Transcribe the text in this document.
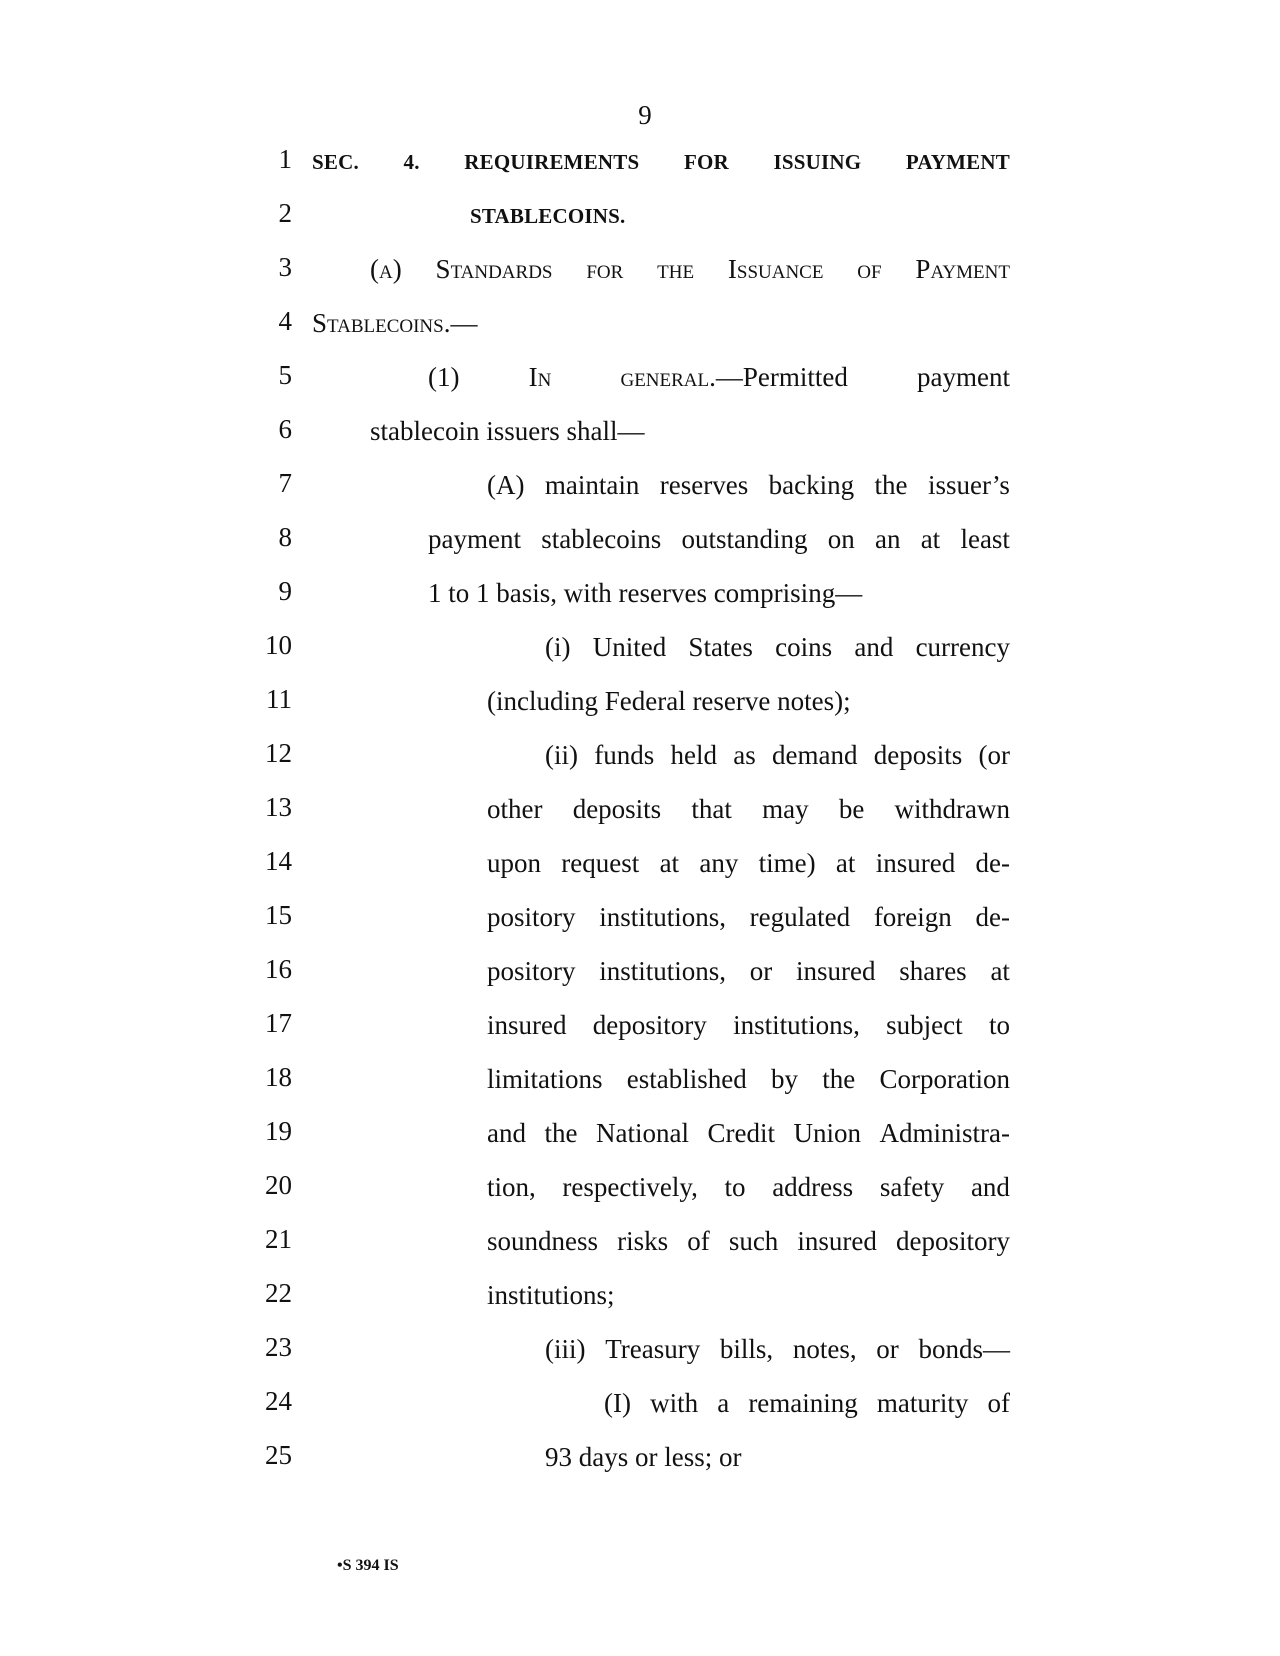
9
1 SEC. 4. REQUIREMENTS FOR ISSUING PAYMENT
2	STABLECOINS.
3	(a) Standards for the Issuance of Payment
4 Stablecoins.—
5	(1)	In	general.—Permitted	payment
6	stablecoin issuers shall—
7	(A) maintain reserves backing the issuer’s
8	payment stablecoins outstanding on an at least
9	1 to 1 basis, with reserves comprising—
10	(i) United States coins and currency
11	(including Federal reserve notes);
12	(ii) funds held as demand deposits (or
13	other deposits that may be withdrawn
14	upon request at any time) at insured de-
15	pository institutions, regulated foreign de-
16	pository institutions, or insured shares at
17	insured depository institutions, subject to
18	limitations established by the Corporation
19	and the National Credit Union Administra-
20	tion, respectively, to address safety and
21	soundness risks of such insured depository
22	institutions;
23	(iii) Treasury bills, notes, or bonds—
24	(I) with a remaining maturity of
25	93 days or less; or
•S 394 IS
